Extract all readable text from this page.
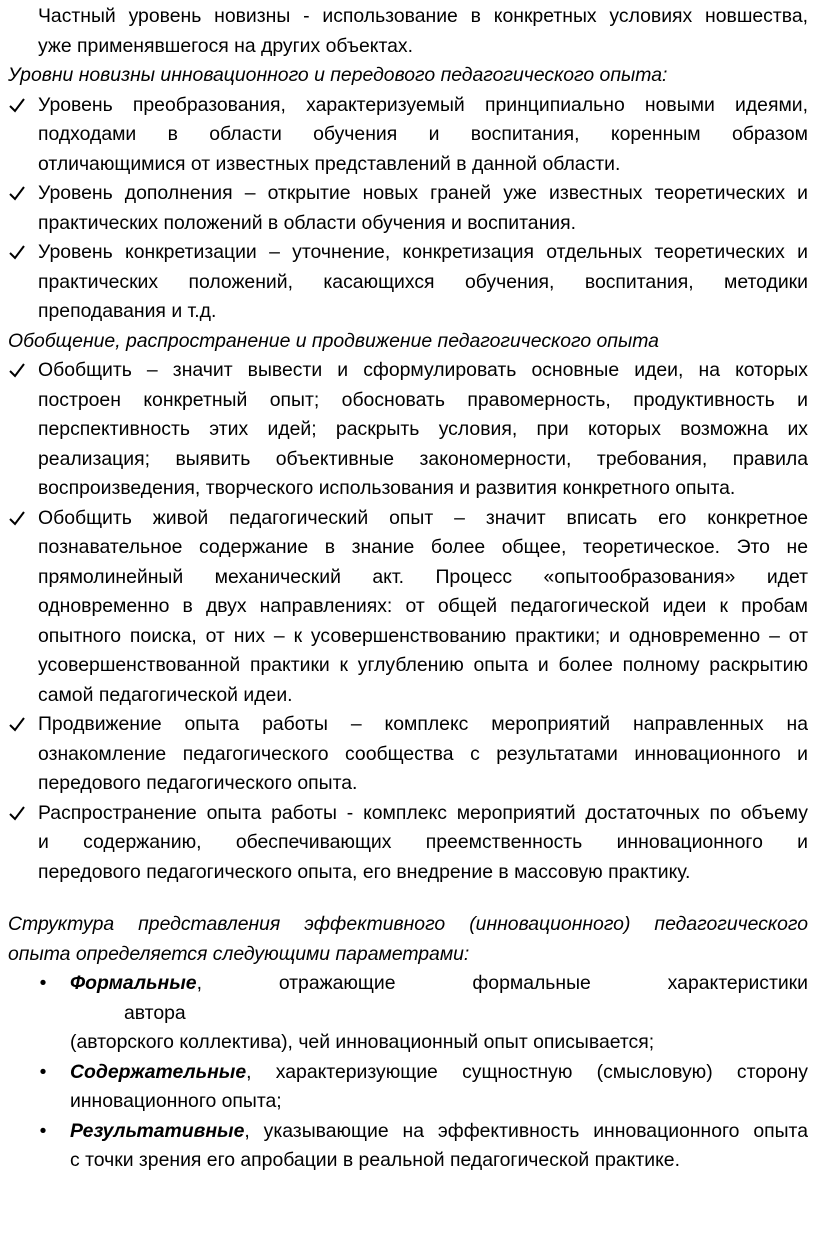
Частный уровень новизны - использование в конкретных условиях новшества,
уже применявшегося на других объектах.
Уровни новизны инновационного и передового педагогического опыта:
Уровень преобразования, характеризуемый принципиально новыми идеями,
подходами в области обучения и воспитания, коренным образом
отличающимися от известных представлений в данной области.
Уровень дополнения – открытие новых граней уже известных теоретических и
практических положений в области обучения и воспитания.
Уровень конкретизации – уточнение, конкретизация отдельных теоретических и
практических положений, касающихся обучения, воспитания, методики
преподавания и т.д.
Обобщение, распространение и продвижение педагогического опыта
Обобщить – значит вывести и сформулировать основные идеи, на которых
построен конкретный опыт; обосновать правомерность, продуктивность и
перспективность этих идей; раскрыть условия, при которых возможна их
реализация; выявить объективные закономерности, требования, правила
воспроизведения, творческого использования и развития конкретного опыта.
Обобщить живой педагогический опыт – значит вписать его конкретное
познавательное содержание в знание более общее, теоретическое. Это не
прямолинейный механический акт. Процесс «опытообразования» идет
одновременно в двух направлениях: от общей педагогической идеи к пробам
опытного поиска, от них – к усовершенствованию практики; и одновременно – от
усовершенствованной практики к углублению опыта и более полному раскрытию
самой педагогической идеи.
Продвижение опыта работы – комплекс мероприятий направленных на
ознакомление педагогического сообщества с результатами инновационного и
передового педагогического опыта.
Распространение опыта работы - комплекс мероприятий достаточных по объему
и содержанию, обеспечивающих преемственность инновационного и
передового педагогического опыта, его внедрение в массовую практику.
Структура представления эффективного (инновационного) педагогического
опыта определяется следующими параметрами:
• Формальные, отражающие формальные характеристики
автора
(авторского коллектива), чей инновационный опыт описывается;
• Содержательные, характеризующие сущностную (смысловую) сторону
инновационного опыта;
• Результативные, указывающие на эффективность инновационного опыта
с точки зрения его апробации в реальной педагогической практике.
